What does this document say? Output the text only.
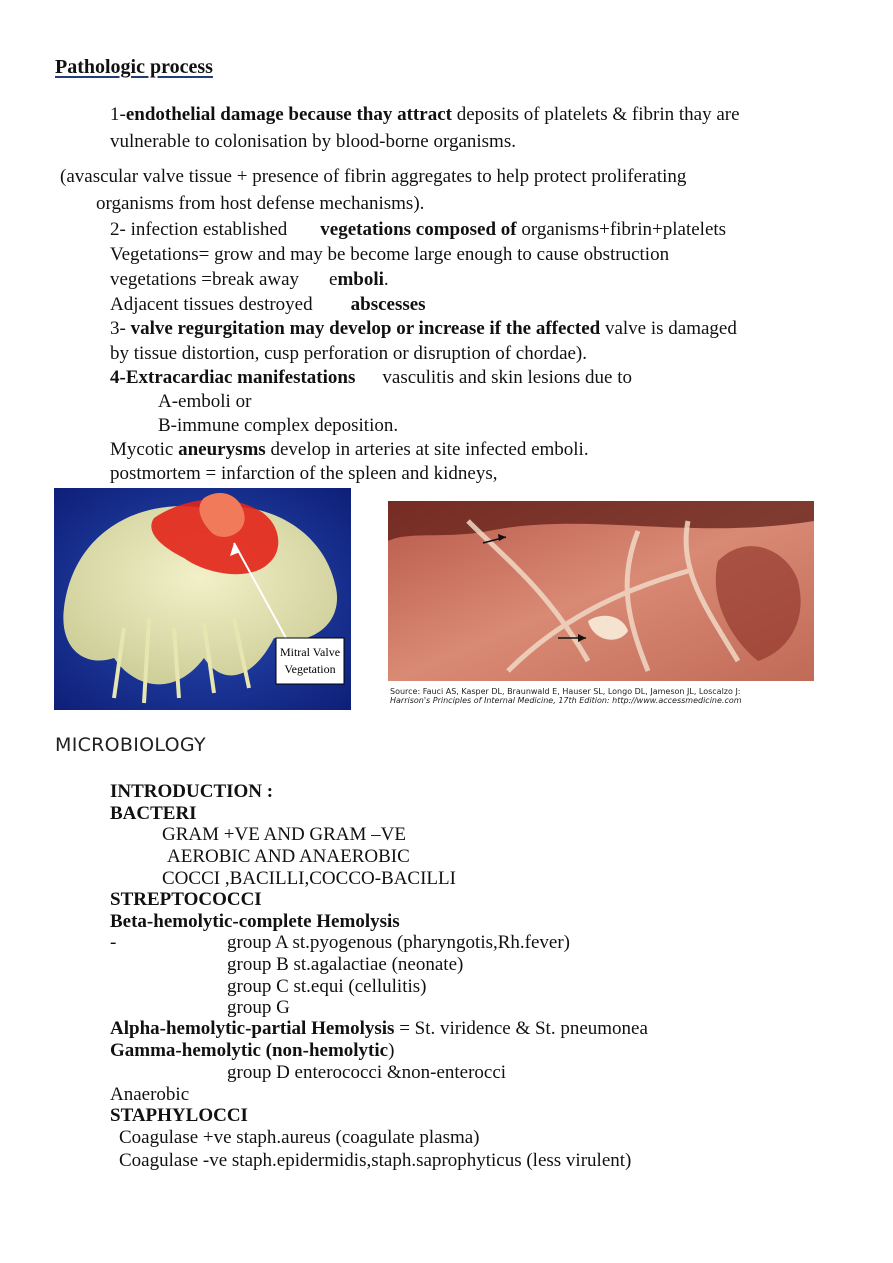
Pathologic process
1-endothelial damage because thay attract deposits of platelets & fibrin thay are
vulnerable to colonisation by blood-borne organisms.
(avascular valve tissue + presence of fibrin aggregates to help protect proliferating
organisms from host defense mechanisms).
2- infection established vegetations composed of organisms+fibrin+platelets
Vegetations= grow and may be become large enough to cause obstruction
vegetations =break away emboli.
Adjacent tissues destroyed abscesses
3- valve regurgitation may develop or increase if the affected valve is damaged
by tissue distortion, cusp perforation or disruption of chordae).
4-Extracardiac manifestations vasculitis and skin lesions due to
A-emboli or
B-immune complex deposition.
Mycotic aneurysms develop in arteries at site infected emboli.
postmortem = infarction of the spleen and kidneys,
Mitral Valve
Vegetation
Source: Fauci AS, Kasper DL, Braunwald E, Hauser SL, Longo DL, Jameson JL, Loscalzo J:
Harrison's Principles of Internal Medicine, 17th Edition: http://www.accessmedicine.com
MICROBIOLOGY
INTRODUCTION :
BACTERI
GRAM +VE AND GRAM –VE
AEROBIC AND ANAEROBIC
COCCI ,BACILLI,COCCO-BACILLI
STREPTOCOCCI
Beta-hemolytic-complete Hemolysis
-	group A st.pyogenous (pharyngotis,Rh.fever)
group B st.agalactiae (neonate)
group C st.equi (cellulitis)
group G
Alpha-hemolytic-partial Hemolysis = St. viridence & St. pneumonea
Gamma-hemolytic (non-hemolytic)
group D enterococci &non-enterocci
Anaerobic
STAPHYLOCCI
Coagulase +ve staph.aureus (coagulate plasma)
Coagulase -ve staph.epidermidis,staph.saprophyticus (less virulent)
